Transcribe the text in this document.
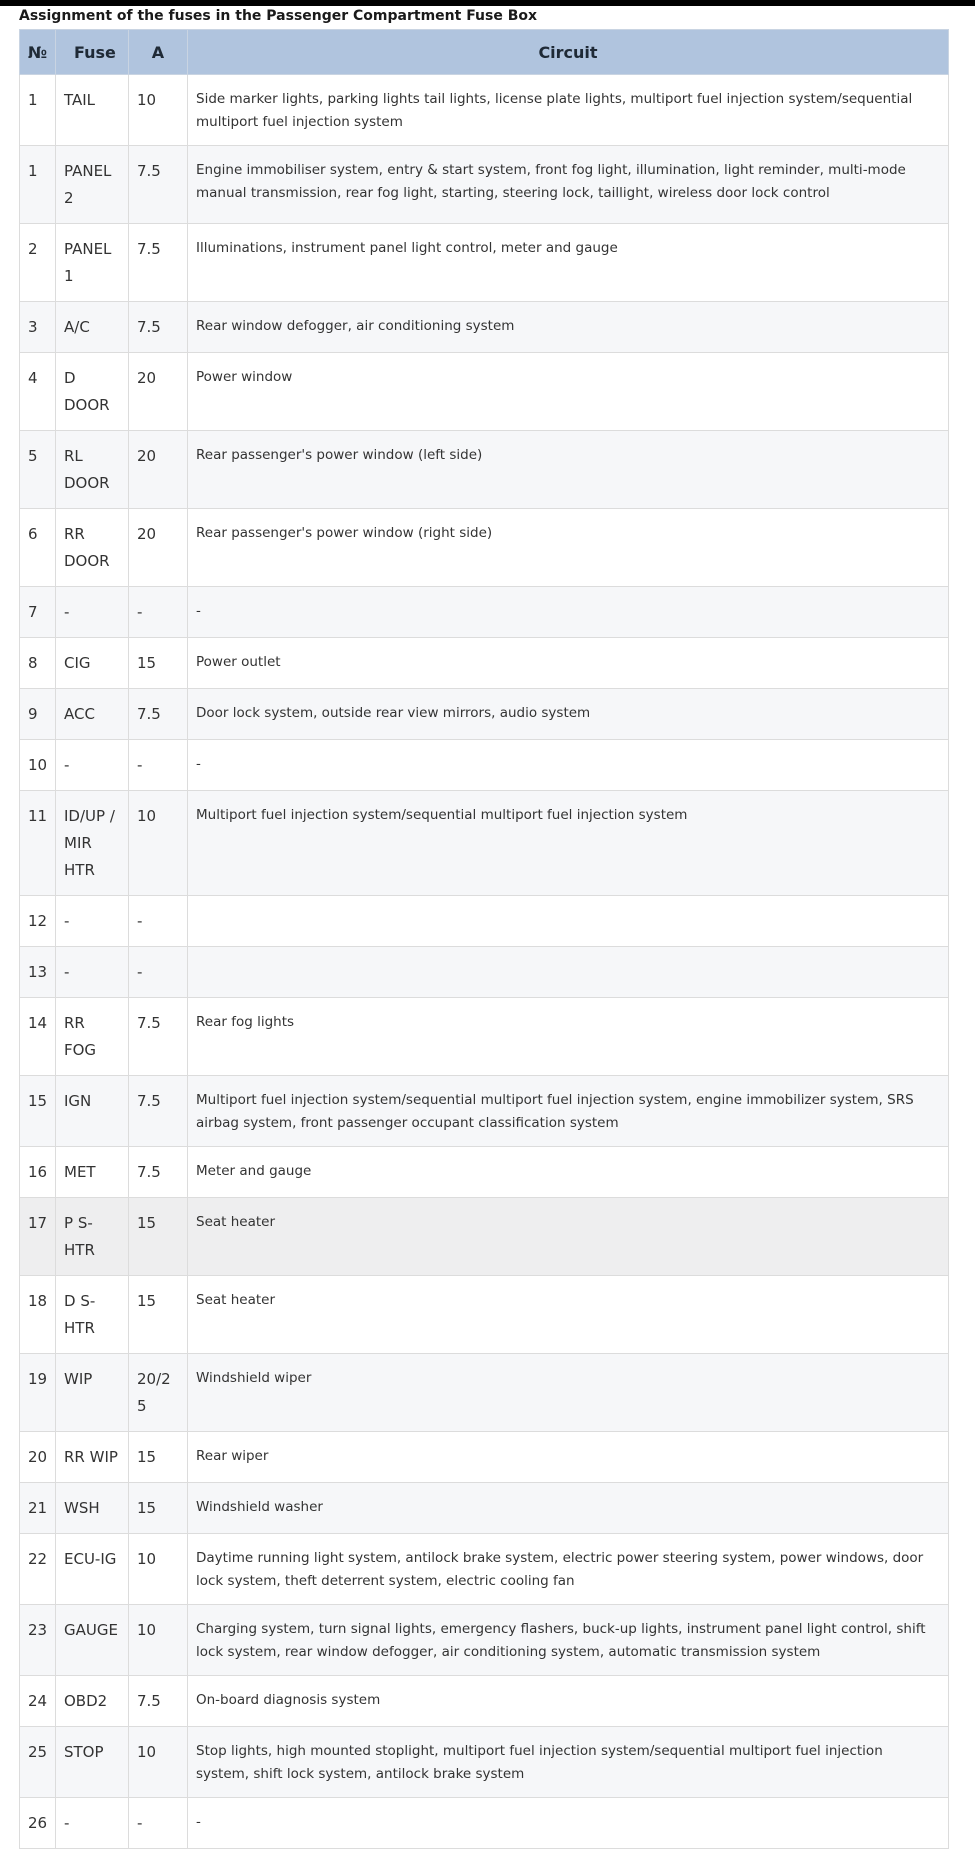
Assignment of the fuses in the Passenger Compartment Fuse Box
№	Fuse	A	Circuit
1	TAIL	10	Side marker lights, parking lights tail lights, license plate lights, multiport fuel injection system/sequential multiport fuel injection system
1	PANEL2	7.5	Engine immobiliser system, entry & start system, front fog light, illumination, light reminder, multi-mode manual transmission, rear fog light, starting, steering lock, taillight, wireless door lock control
2	PANEL1	7.5	Illuminations, instrument panel light control, meter and gauge
3	A/C	7.5	Rear window defogger, air conditioning system
4	D DOOR	20	Power window
5	RL DOOR	20	Rear passenger's power window (left side)
6	RR DOOR	20	Rear passenger's power window (right side)
7	-	-	-
8	CIG	15	Power outlet
9	ACC	7.5	Door lock system, outside rear view mirrors, audio system
10	-	-	-
11	ID/UP / MIR HTR	10	Multiport fuel injection system/sequential multiport fuel injection system
12	-	-	
13	-	-	
14	RR FOG	7.5	Rear fog lights
15	IGN	7.5	Multiport fuel injection system/sequential multiport fuel injection system, engine immobilizer system, SRS airbag system, front passenger occupant classification system
16	MET	7.5	Meter and gauge
17	P S-HTR	15	Seat heater
18	D S-HTR	15	Seat heater
19	WIP	20/25	Windshield wiper
20	RR WIP	15	Rear wiper
21	WSH	15	Windshield washer
22	ECU-IG	10	Daytime running light system, antilock brake system, electric power steering system, power windows, door lock system, theft deterrent system, electric cooling fan
23	GAUGE	10	Charging system, turn signal lights, emergency flashers, buck-up lights, instrument panel light control, shift lock system, rear window defogger, air conditioning system, automatic transmission system
24	OBD2	7.5	On-board diagnosis system
25	STOP	10	Stop lights, high mounted stoplight, multiport fuel injection system/sequential multiport fuel injection system, shift lock system, antilock brake system
26	-	-	-
